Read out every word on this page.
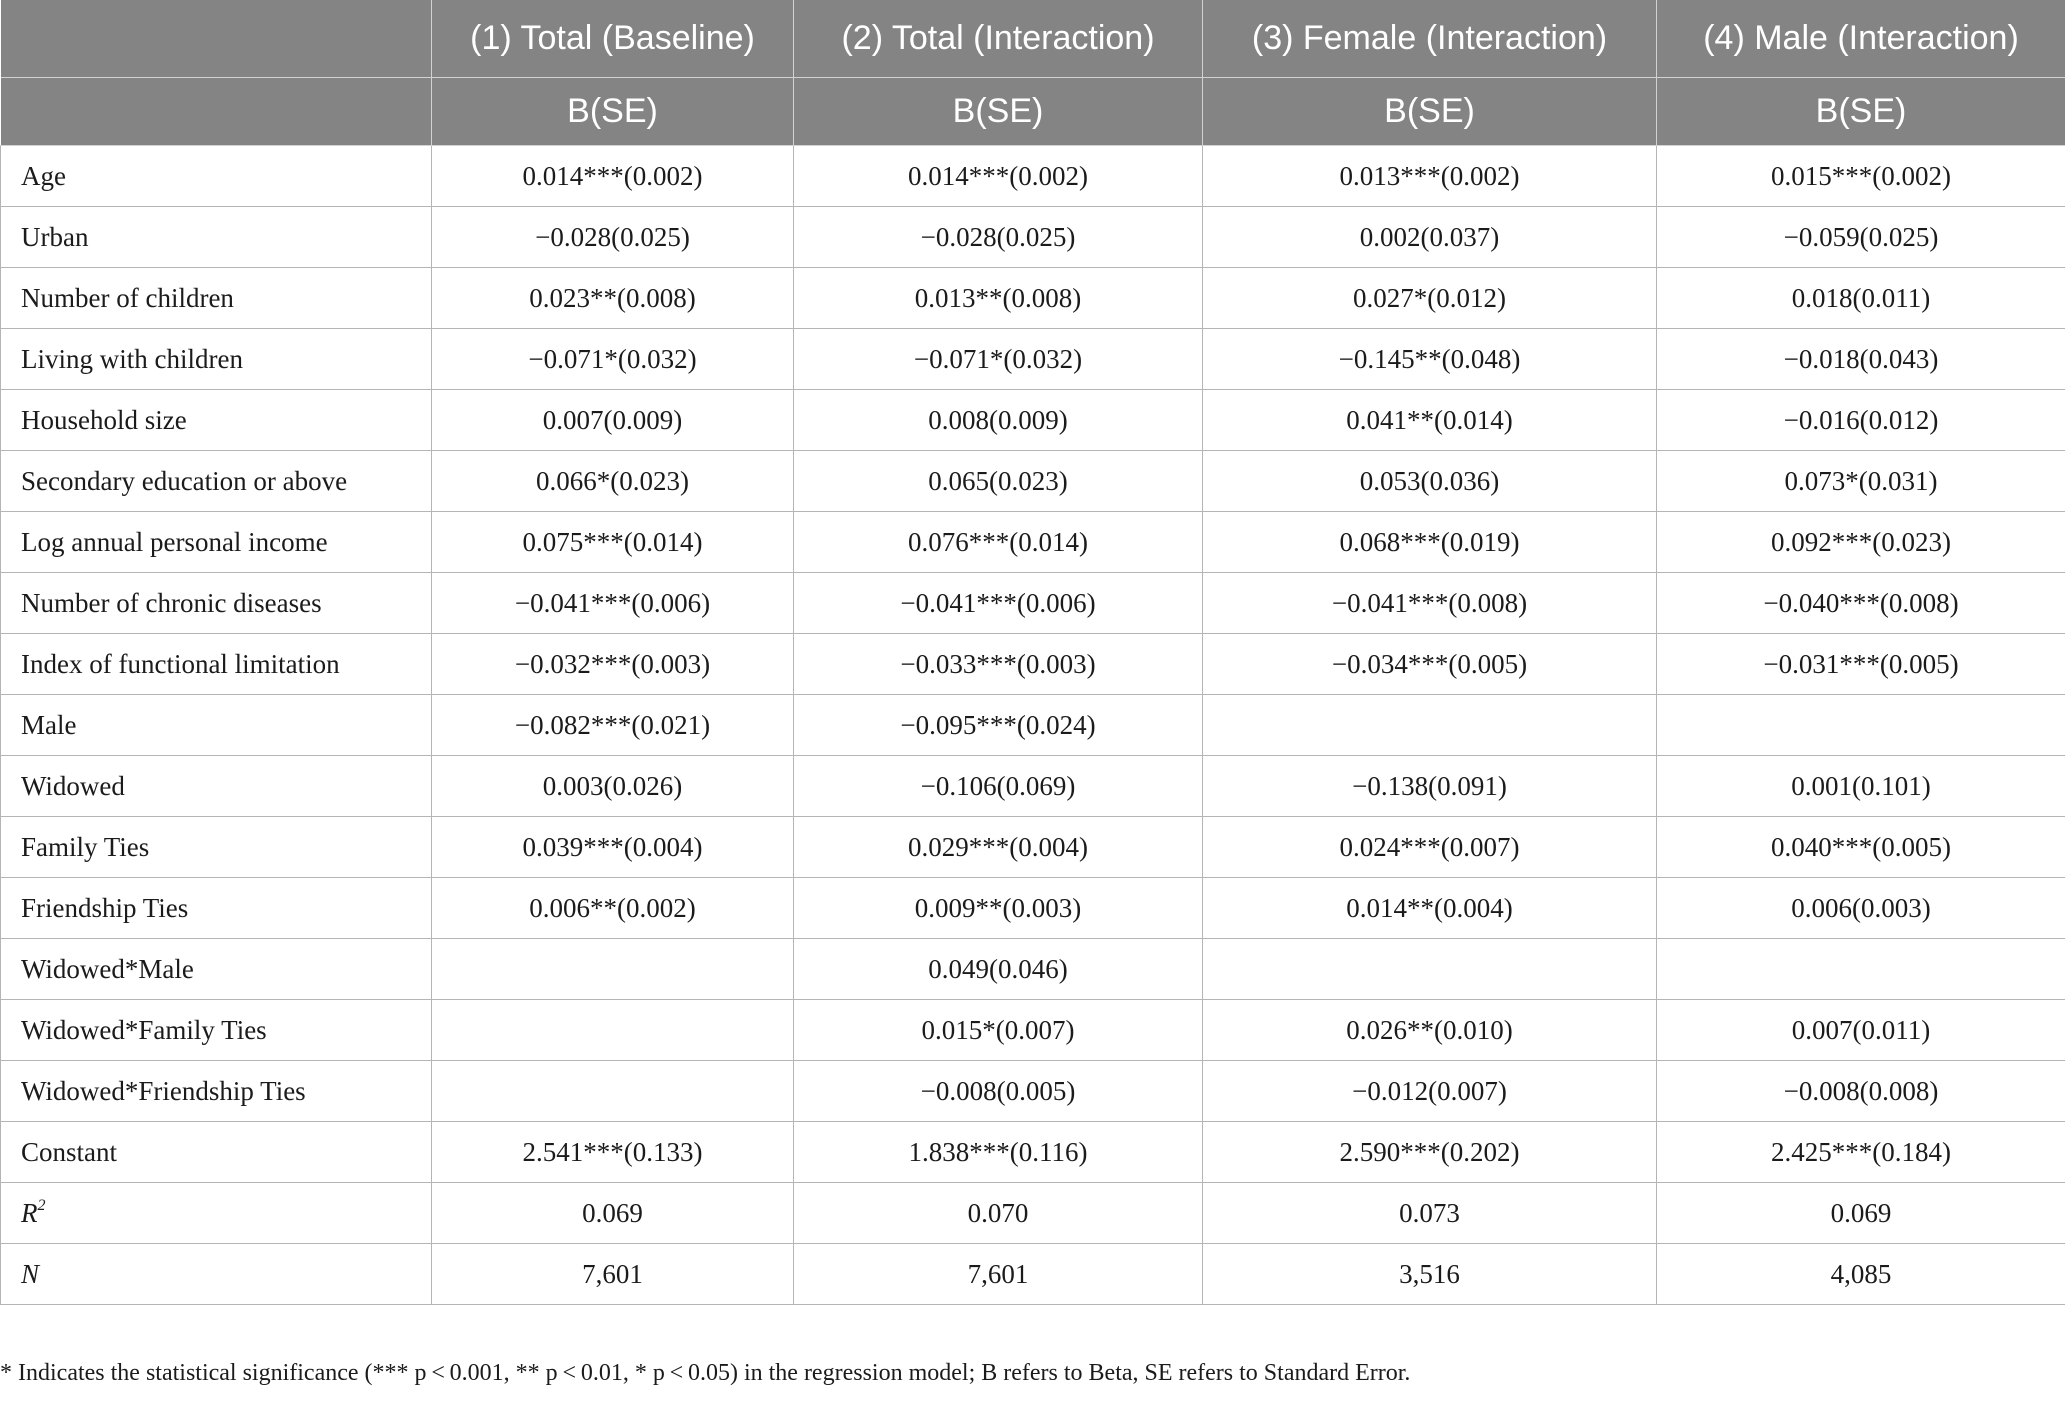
	(1) Total (Baseline)	(2) Total (Interaction)	(3) Female (Interaction)	(4) Male (Interaction)
	B(SE)	B(SE)	B(SE)	B(SE)
Age	0.014***(0.002)	0.014***(0.002)	0.013***(0.002)	0.015***(0.002)
Urban	−0.028(0.025)	−0.028(0.025)	0.002(0.037)	−0.059(0.025)
Number of children	0.023**(0.008)	0.013**(0.008)	0.027*(0.012)	0.018(0.011)
Living with children	−0.071*(0.032)	−0.071*(0.032)	−0.145**(0.048)	−0.018(0.043)
Household size	0.007(0.009)	0.008(0.009)	0.041**(0.014)	−0.016(0.012)
Secondary education or above	0.066*(0.023)	0.065(0.023)	0.053(0.036)	0.073*(0.031)
Log annual personal income	0.075***(0.014)	0.076***(0.014)	0.068***(0.019)	0.092***(0.023)
Number of chronic diseases	−0.041***(0.006)	−0.041***(0.006)	−0.041***(0.008)	−0.040***(0.008)
Index of functional limitation	−0.032***(0.003)	−0.033***(0.003)	−0.034***(0.005)	−0.031***(0.005)
Male	−0.082***(0.021)	−0.095***(0.024)		
Widowed	0.003(0.026)	−0.106(0.069)	−0.138(0.091)	0.001(0.101)
Family Ties	0.039***(0.004)	0.029***(0.004)	0.024***(0.007)	0.040***(0.005)
Friendship Ties	0.006**(0.002)	0.009**(0.003)	0.014**(0.004)	0.006(0.003)
Widowed*Male		0.049(0.046)		
Widowed*Family Ties		0.015*(0.007)	0.026**(0.010)	0.007(0.011)
Widowed*Friendship Ties		−0.008(0.005)	−0.012(0.007)	−0.008(0.008)
Constant	2.541***(0.133)	1.838***(0.116)	2.590***(0.202)	2.425***(0.184)
$R^2$	0.069	0.070	0.073	0.069
N	7,601	7,601	3,516	4,085
* Indicates the statistical significance (*** p < 0.001, ** p < 0.01, * p < 0.05) in the regression model; B refers to Beta, SE refers to Standard Error.
